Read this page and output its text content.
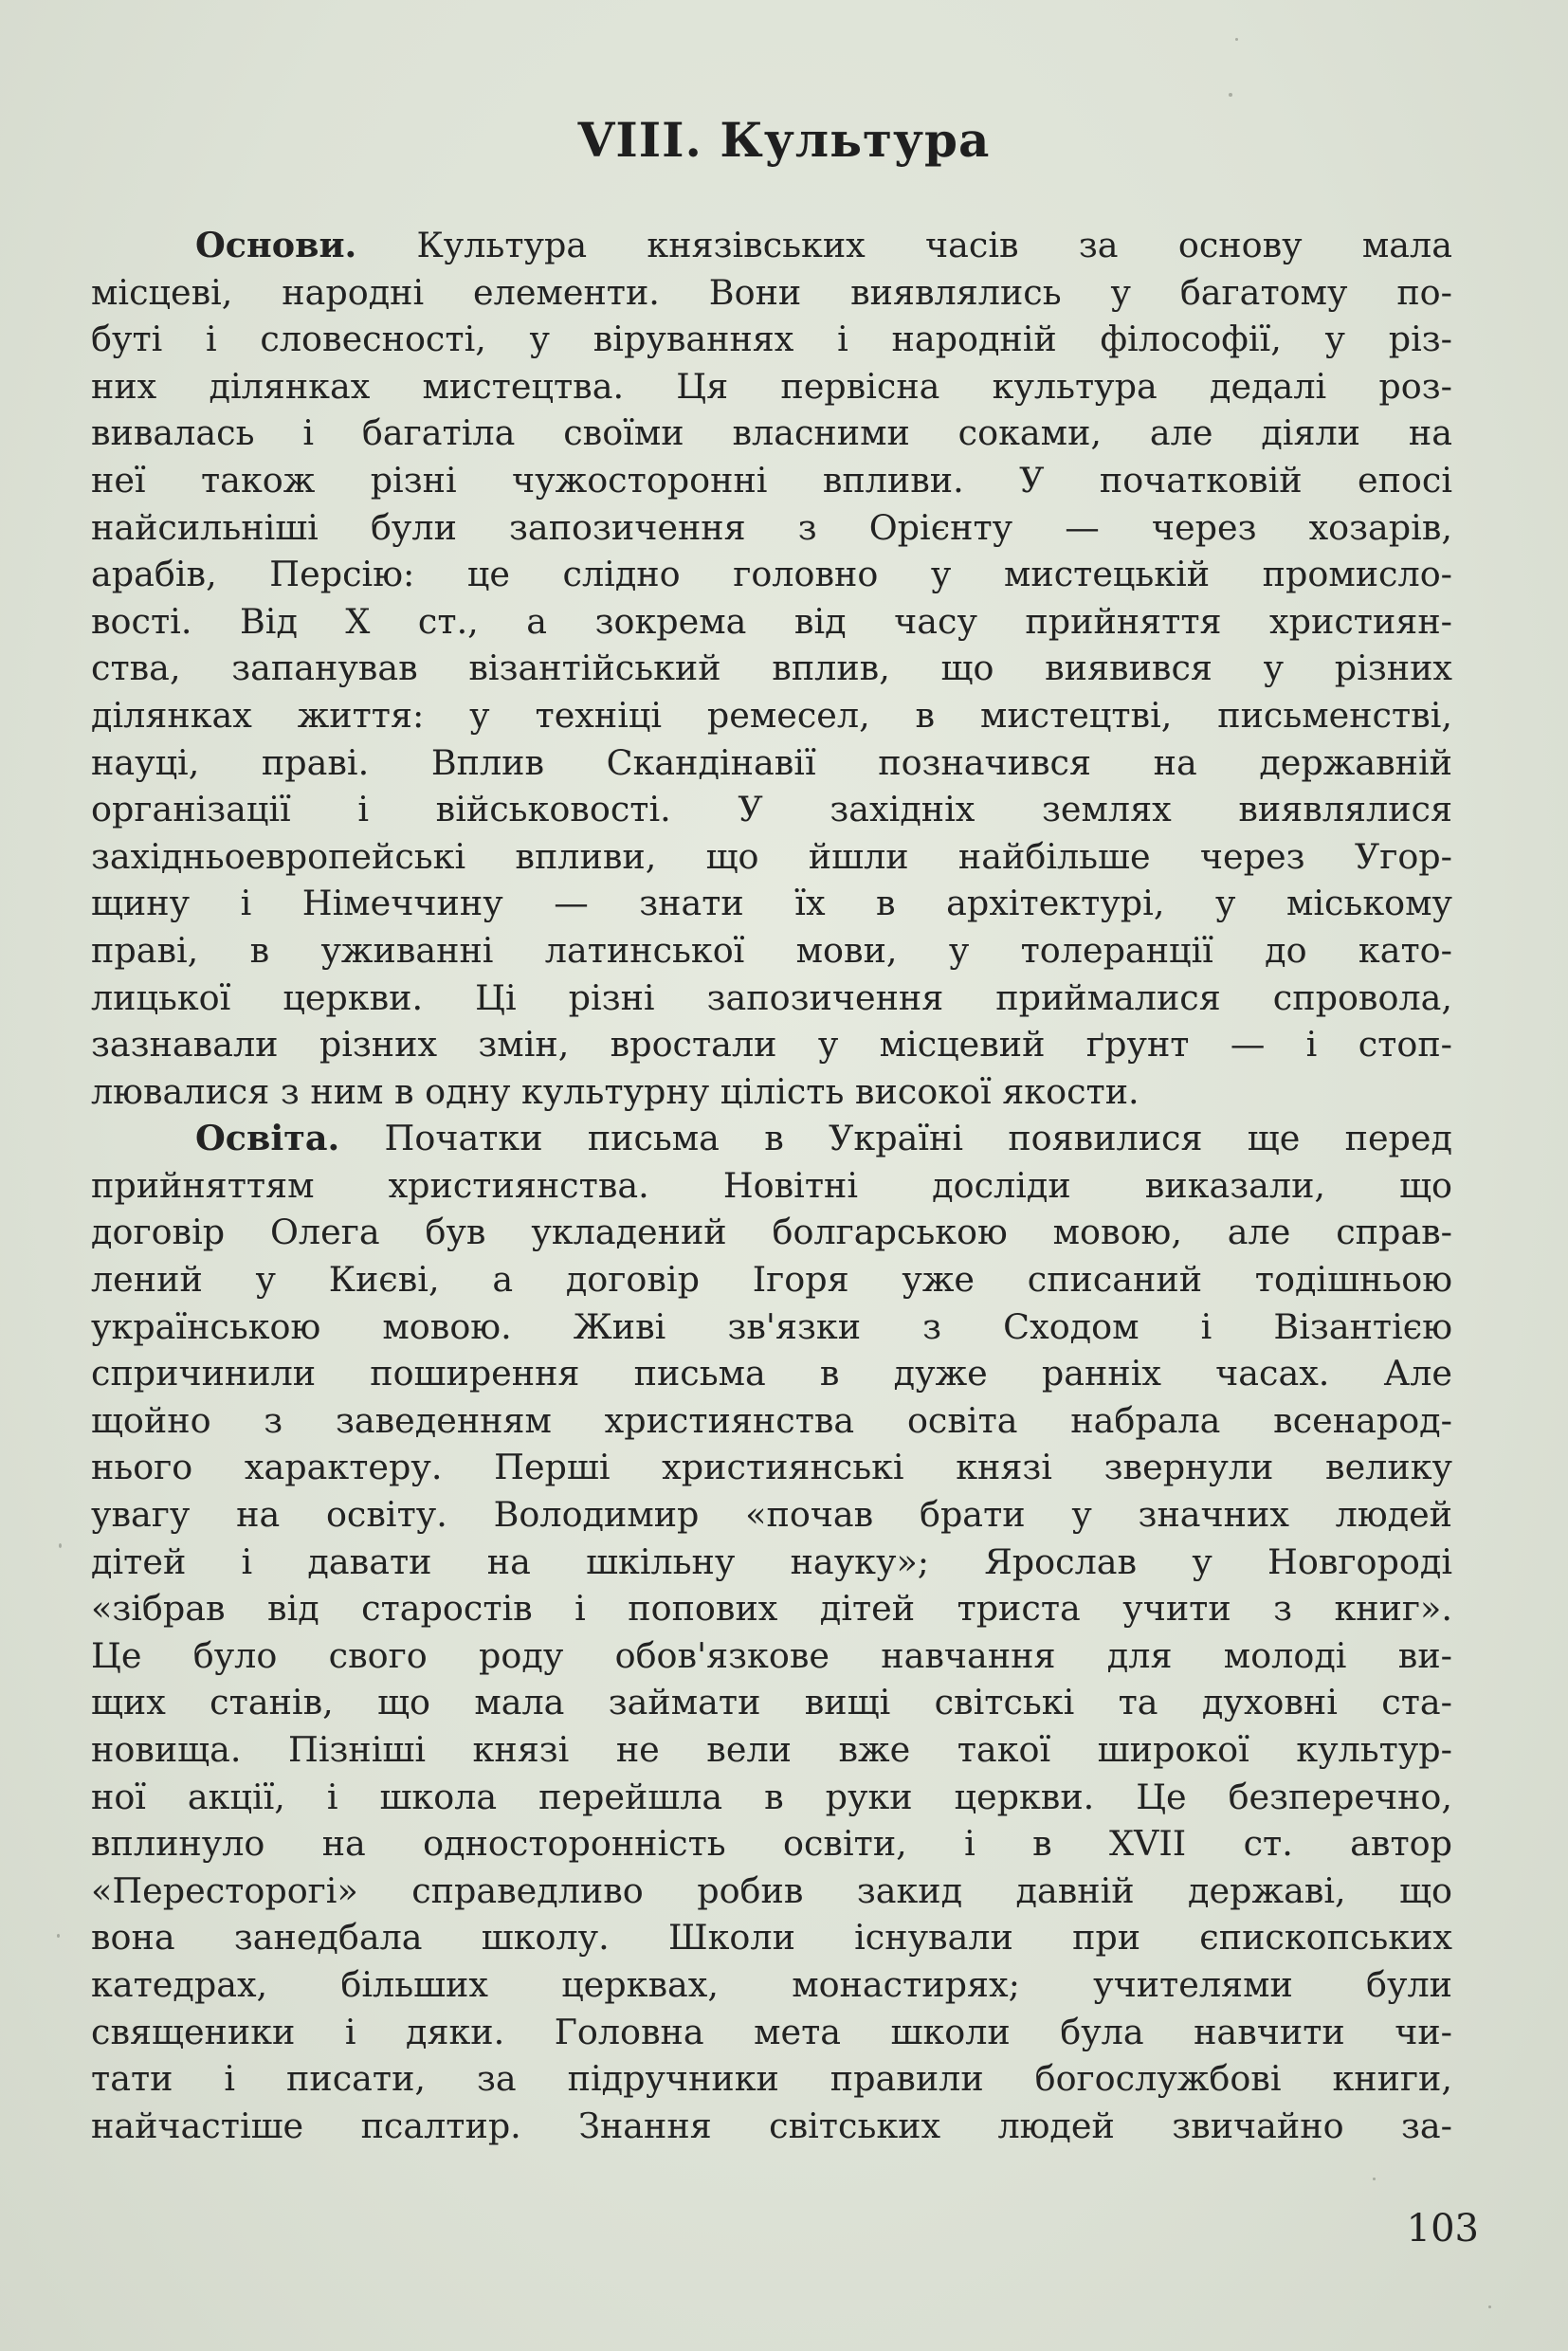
VIII. Культура
Основи. Культура князівських часів за основу мала
місцеві, народні елементи. Вони виявлялись у багатому по-
буті і словесності, у віруваннях і народній філософії, у різ-
них ділянках мистецтва. Ця первісна культура дедалі роз-
вивалась і багатіла своїми власними соками, але діяли на
неї також різні чужосторонні впливи. У початковій епосі
найсильніші були запозичення з Орієнту — через хозарів,
арабів, Персію: це слідно головно у мистецькій промисло-
вості. Від X ст., а зокрема від часу прийняття християн-
ства, запанував візантійський вплив, що виявився у різних
ділянках життя: у техніці ремесел, в мистецтві, письменстві,
науці, праві. Вплив Скандінавії позначився на державній
організації і військовості. У західніх землях виявлялися
західньоевропейські впливи, що йшли найбільше через Угор-
щину і Німеччину — знати їх в архітектурі, у міському
праві, в уживанні латинської мови, у толеранції до като-
лицької церкви. Ці різні запозичення приймалися спровола,
зазнавали різних змін, вростали у місцевий ґрунт — і стоп-
лювалися з ним в одну культурну цілість високої якости.
Освіта. Початки письма в Україні появилися ще перед
прийняттям християнства. Новітні досліди виказали, що
договір Олега був укладений болгарською мовою, але справ-
лений у Києві, а договір Ігоря уже списаний тодішньою
українською мовою. Живі зв'язки з Сходом і Візантією
спричинили поширення письма в дуже ранніх часах. Але
щойно з заведенням християнства освіта набрала всенарод-
нього характеру. Перші християнські князі звернули велику
увагу на освіту. Володимир «почав брати у значних людей
дітей і давати на шкільну науку»; Ярослав у Новгороді
«зібрав від старостів і попових дітей триста учити з книг».
Це було свого роду обов'язкове навчання для молоді ви-
щих станів, що мала займати вищі світські та духовні ста-
новища. Пізніші князі не вели вже такої широкої культур-
ної акції, і школа перейшла в руки церкви. Це безперечно,
вплинуло на односторонність освіти, і в XVII ст. автор
«Пересторогі» справедливо робив закид давній державі, що
вона занедбала школу. Школи існували при єпископських
катедрах, більших церквах, монастирях; учителями були
священики і дяки. Головна мета школи була навчити чи-
тати і писати, за підручники правили богослужбові книги,
найчастіше псалтир. Знання світських людей звичайно за-
103
